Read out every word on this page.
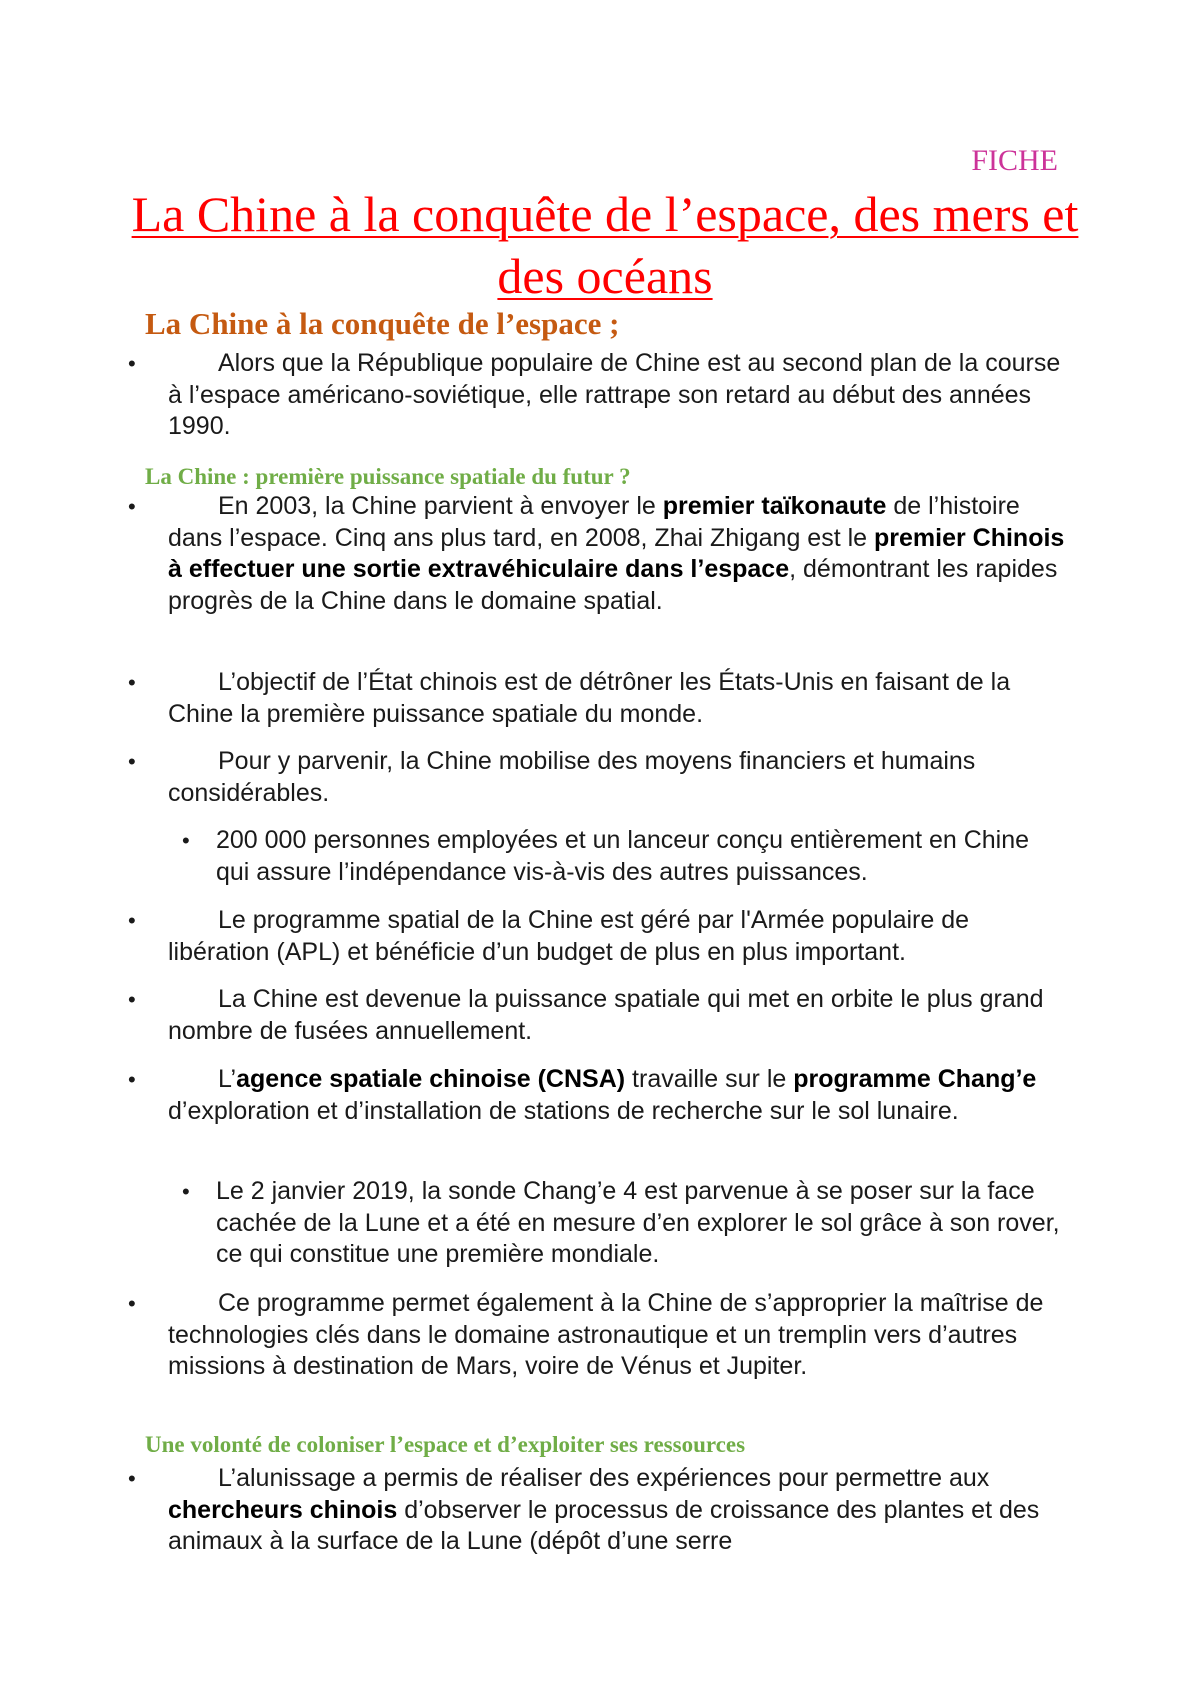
FICHE
La Chine à la conquête de l’espace, des mers et des océans
La Chine à la conquête de l’espace ;
•	Alors que la République populaire de Chine est au second plan de la course à l’espace américano-soviétique, elle rattrape son retard au début des années 1990.
La Chine : première puissance spatiale du futur ?
•	En 2003, la Chine parvient à envoyer le premier taïkonaute de l’histoire dans l’espace. Cinq ans plus tard, en 2008, Zhai Zhigang est le premier Chinois à effectuer une sortie extravéhiculaire dans l’espace, démontrant les rapides progrès de la Chine dans le domaine spatial.
•	L’objectif de l’État chinois est de détrôner les États-Unis en faisant de la Chine la première puissance spatiale du monde.
•	Pour y parvenir, la Chine mobilise des moyens financiers et humains considérables.
• 200 000 personnes employées et un lanceur conçu entièrement en Chine qui assure l’indépendance vis-à-vis des autres puissances.
•	Le programme spatial de la Chine est géré par l'Armée populaire de libération (APL) et bénéficie d’un budget de plus en plus important.
•	La Chine est devenue la puissance spatiale qui met en orbite le plus grand nombre de fusées annuellement.
•	L’agence spatiale chinoise (CNSA) travaille sur le programme Chang’e d’exploration et d’installation de stations de recherche sur le sol lunaire.
• Le 2 janvier 2019, la sonde Chang’e 4 est parvenue à se poser sur la face cachée de la Lune et a été en mesure d’en explorer le sol grâce à son rover, ce qui constitue une première mondiale.
•	Ce programme permet également à la Chine de s’approprier la maîtrise de technologies clés dans le domaine astronautique et un tremplin vers d’autres missions à destination de Mars, voire de Vénus et Jupiter.
Une volonté de coloniser l’espace et d’exploiter ses ressources
•	L’alunissage a permis de réaliser des expériences pour permettre aux chercheurs chinois d’observer le processus de croissance des plantes et des animaux à la surface de la Lune (dépôt d’une serre
